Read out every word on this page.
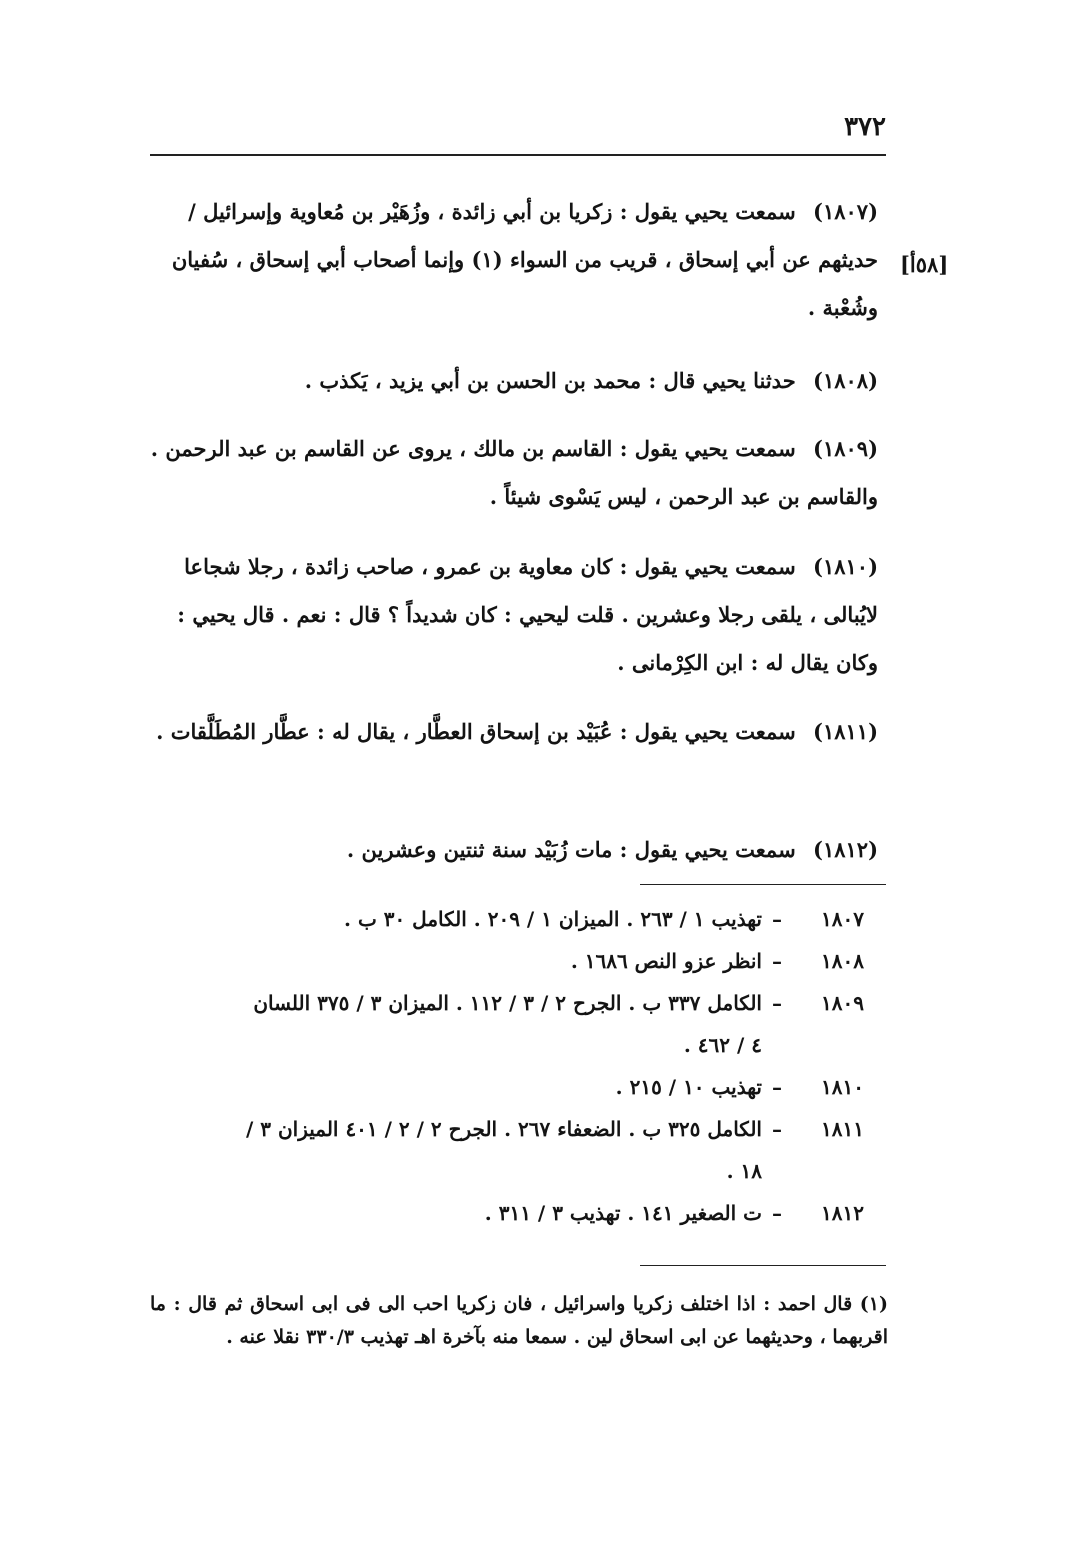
٣٧٢
[٥٨أ]
(١٨٠٧) سمعت يحيي يقول : زكريا بن أبي زائدة ، وزُهَيْر بن مُعاوية وإسرائيل / حديثهم عن أبي إسحاق ، قريب من السواء (١) وإنما أصحاب أبي إسحاق ، سُفيان وشُعْبة .
(١٨٠٨) حدثنا يحيي قال : محمد بن الحسن بن أبي يزيد ، يَكذب .
(١٨٠٩) سمعت يحيي يقول : القاسم بن مالك ، يروى عن القاسم بن عبد الرحمن . والقاسم بن عبد الرحمن ، ليس يَسْوى شيئاً .
(١٨١٠) سمعت يحيي يقول : كان معاوية بن عمرو ، صاحب زائدة ، رجلا شجاعا لايُبالى ، يلقى رجلا وعشرين . قلت ليحيي : كان شديداً ؟ قال : نعم . قال يحيي : وكان يقال له : ابن الكِرْمانى .
(١٨١١) سمعت يحيي يقول : عُبَيْد بن إسحاق العطَّار ، يقال له : عطَّار المُطَلَّقات .
(١٨١٢) سمعت يحيي يقول : مات زُبَيْد سنة ثنتين وعشرين .
١٨٠٧
–
تهذيب ١ / ٢٦٣ . الميزان ١ / ٢٠٩ . الكامل ٣٠ ب .
١٨٠٨
–
انظر عزو النص ١٦٨٦ .
١٨٠٩
–
الكامل ٣٣٧ ب . الجرح ٢ / ٣ / ١١٢ . الميزان ٣ / ٣٧٥ اللسان
٤ / ٤٦٢ .
١٨١٠
–
تهذيب ١٠ / ٢١٥ .
١٨١١
–
الكامل ٣٢٥ ب . الضعفاء ٢٦٧ . الجرح ٢ / ٢ / ٤٠١ الميزان ٣ /
١٨ .
١٨١٢
–
ت الصغير ١٤١ . تهذيب ٣ / ٣١١ .
(١) قال احمد : اذا اختلف زكريا واسرائيل ، فان زكريا احب الى فى ابى اسحاق ثم قال : ما اقربهما ، وحديثهما عن ابى اسحاق لين . سمعا منه بآخرة اهـ تهذيب ٣٣٠/٣ نقلا عنه .
